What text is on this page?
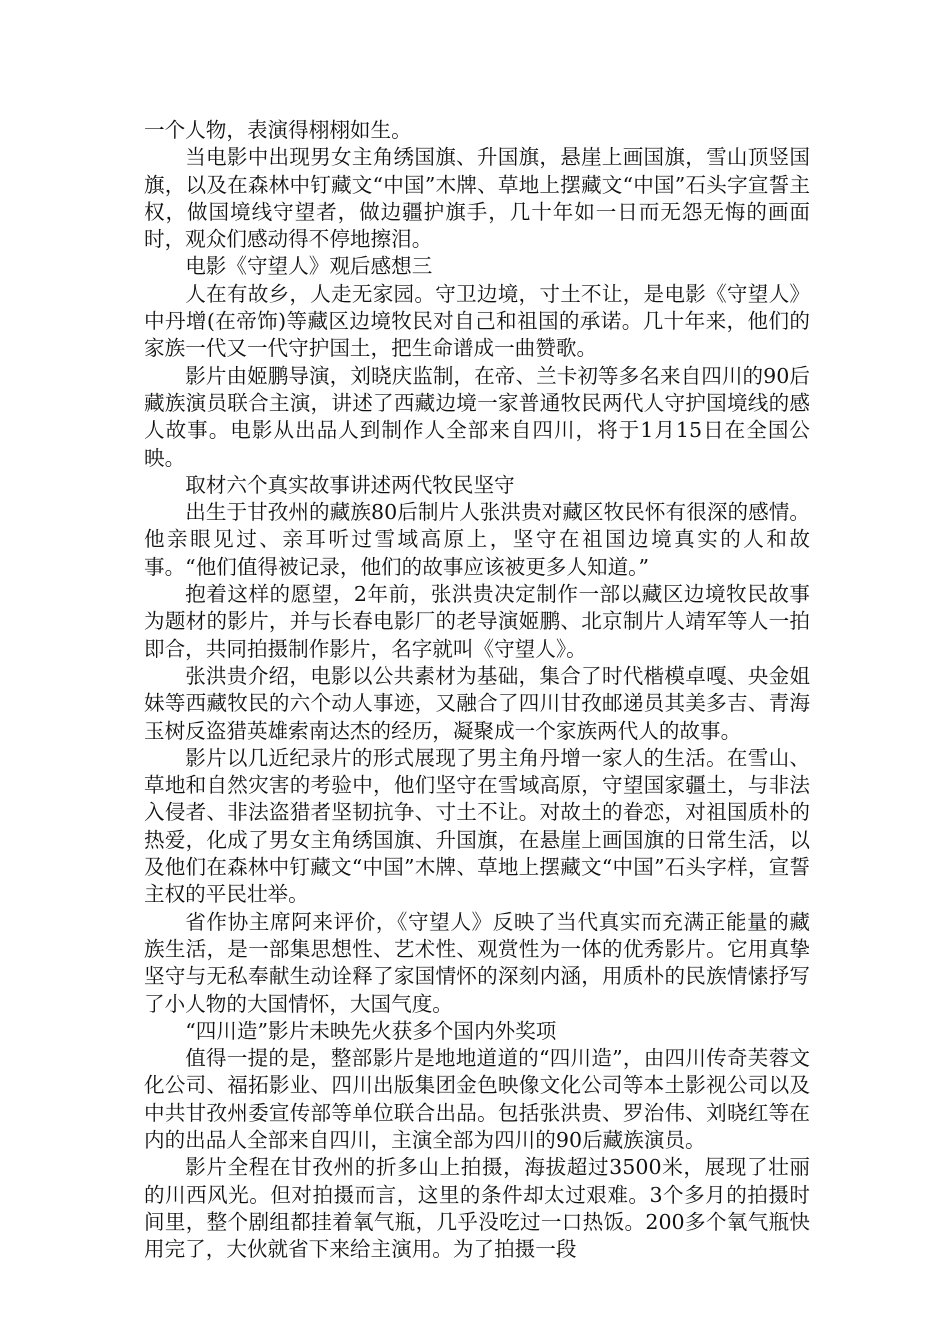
一个人物，表演得栩栩如生。

当电影中出现男女主角绣国旗、升国旗，悬崖上画国旗，雪山顶竖国旗，以及在森林中钉藏文“中国”木牌、草地上摆藏文“中国”石头字宣誓主权，做国境线守望者，做边疆护旗手，几十年如一日而无怨无悔的画面时，观众们感动得不停地擦泪。

电影《守望人》观后感想三

人在有故乡，人走无家园。守卫边境，寸土不让，是电影《守望人》中丹增(在帝饰)等藏区边境牧民对自己和祖国的承诺。几十年来，他们的家族一代又一代守护国土，把生命谱成一曲赞歌。

影片由姬鹏导演，刘晓庆监制，在帝、兰卡初等多名来自四川的90后藏族演员联合主演，讲述了西藏边境一家普通牧民两代人守护国境线的感人故事。电影从出品人到制作人全部来自四川，将于1月15日在全国公映。

取材六个真实故事讲述两代牧民坚守

出生于甘孜州的藏族80后制片人张洪贵对藏区牧民怀有很深的感情。他亲眼见过、亲耳听过雪域高原上，坚守在祖国边境真实的人和故事。“他们值得被记录，他们的故事应该被更多人知道。”

抱着这样的愿望，2年前，张洪贵决定制作一部以藏区边境牧民故事为题材的影片，并与长春电影厂的老导演姬鹏、北京制片人靖军等人一拍即合，共同拍摄制作影片，名字就叫《守望人》。

张洪贵介绍，电影以公共素材为基础，集合了时代楷模卓嘎、央金姐妹等西藏牧民的六个动人事迹，又融合了四川甘孜邮递员其美多吉、青海玉树反盗猎英雄索南达杰的经历，凝聚成一个家族两代人的故事。

影片以几近纪录片的形式展现了男主角丹增一家人的生活。在雪山、草地和自然灾害的考验中，他们坚守在雪域高原，守望国家疆土，与非法入侵者、非法盗猎者坚韧抗争、寸土不让。对故土的眷恋，对祖国质朴的热爱，化成了男女主角绣国旗、升国旗，在悬崖上画国旗的日常生活，以及他们在森林中钉藏文“中国”木牌、草地上摆藏文“中国”石头字样，宣誓主权的平民壮举。

省作协主席阿来评价，《守望人》反映了当代真实而充满正能量的藏族生活，是一部集思想性、艺术性、观赏性为一体的优秀影片。它用真挚坚守与无私奉献生动诠释了家国情怀的深刻内涵，用质朴的民族情愫抒写了小人物的大国情怀，大国气度。

“四川造”影片未映先火获多个国内外奖项

值得一提的是，整部影片是地地道道的“四川造”，由四川传奇芙蓉文化公司、福拓影业、四川出版集团金色映像文化公司等本土影视公司以及中共甘孜州委宣传部等单位联合出品。包括张洪贵、罗治伟、刘晓红等在内的出品人全部来自四川，主演全部为四川的90后藏族演员。

影片全程在甘孜州的折多山上拍摄，海拔超过3500米，展现了壮丽的川西风光。但对拍摄而言，这里的条件却太过艰难。3个多月的拍摄时间里，整个剧组都挂着氧气瓶，几乎没吃过一口热饭。200多个氧气瓶快用完了，大伙就省下来给主演用。为了拍摄一段
